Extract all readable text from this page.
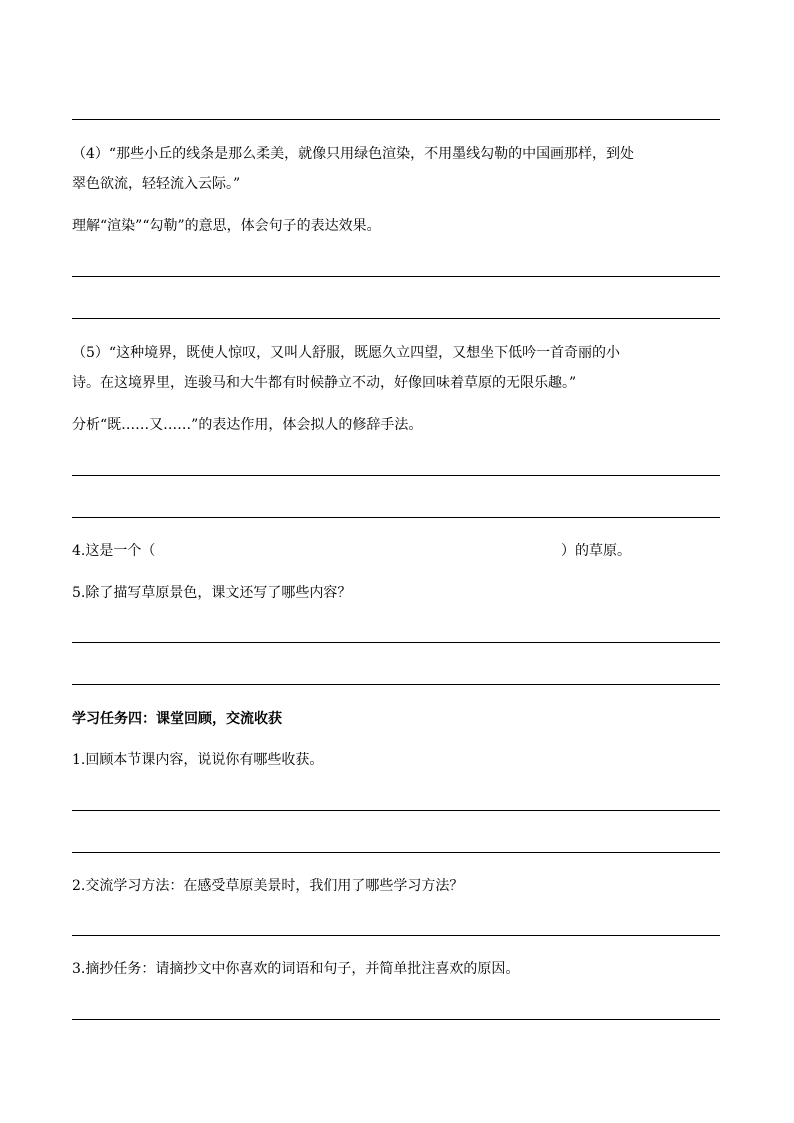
（4）“那些小丘的线条是那么柔美，就像只用绿色渲染，不用墨线勾勒的中国画那样，到处
翠色欲流，轻轻流入云际。”
理解“渲染”“勾勒”的意思，体会句子的表达效果。
（5）“这种境界，既使人惊叹，又叫人舒服，既愿久立四望，又想坐下低吟一首奇丽的小
诗。在这境界里，连骏马和大牛都有时候静立不动，好像回味着草原的无限乐趣。”
分析“既……又……”的表达作用，体会拟人的修辞手法。
4.这是一个（	）的草原。
5.除了描写草原景色，课文还写了哪些内容？
学习任务四：课堂回顾，交流收获
1.回顾本节课内容，说说你有哪些收获。
2.交流学习方法：在感受草原美景时，我们用了哪些学习方法？
3.摘抄任务：请摘抄文中你喜欢的词语和句子，并简单批注喜欢的原因。
